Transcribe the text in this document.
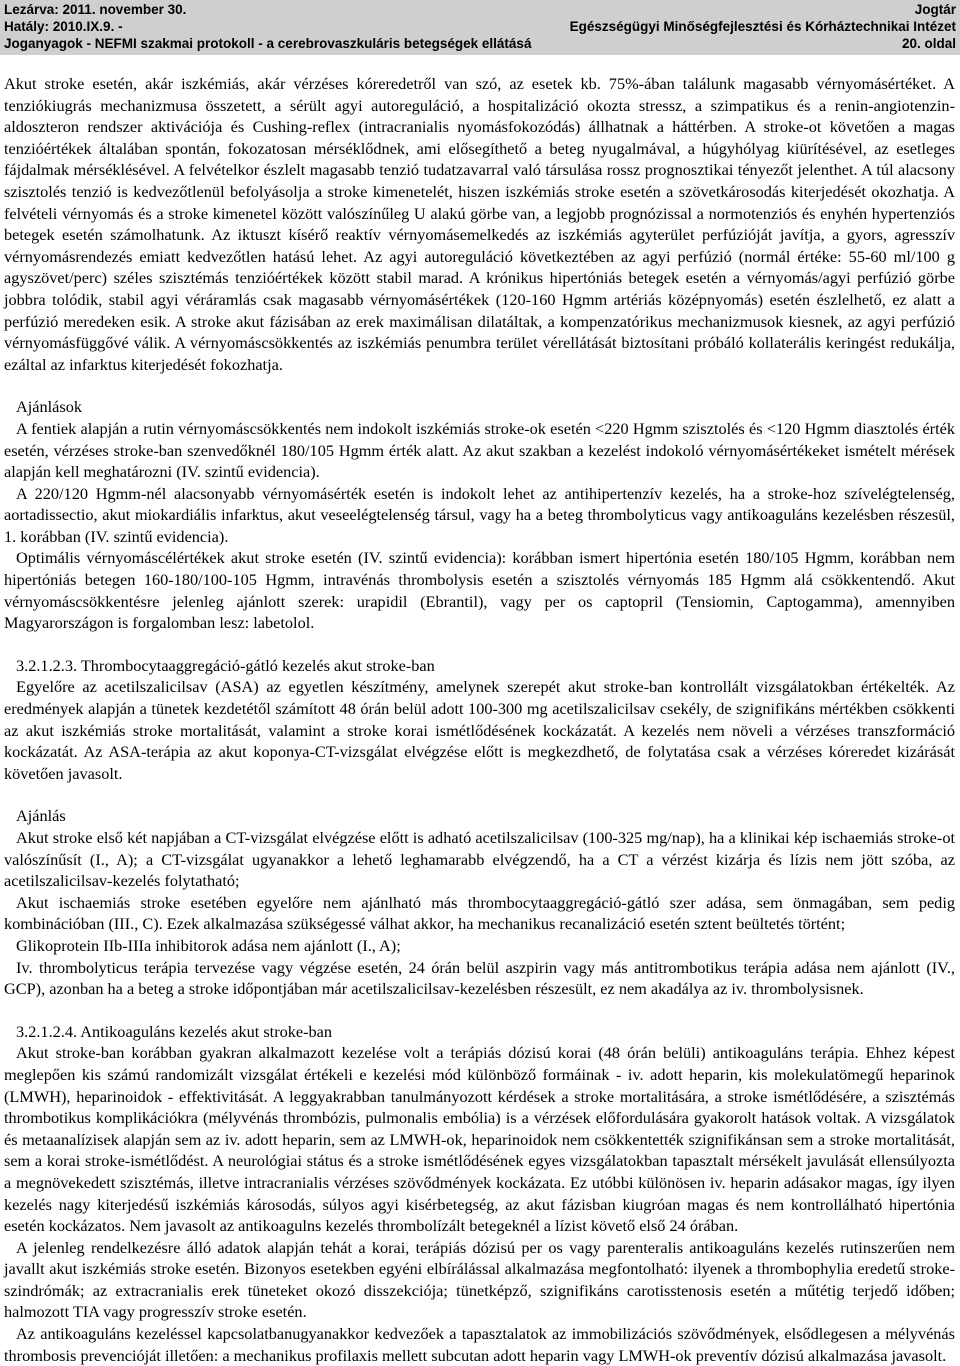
Lezárva: 2011. november 30.
Hatály: 2010.IX.9. -
Joganyagok - NEFMI szakmai protokoll - a cerebrovaszkuláris betegségek ellátásá
Jogtár
Egészségügyi Minőségfejlesztési és Kórháztechnikai Intézet
20. oldal

Akut stroke esetén, akár iszkémiás, akár vérzéses kóreredetről van szó, az esetek kb. 75%-ában találunk magasabb vérnyomásértéket. A tenziókiugrás mechanizmusa összetett, a sérült agyi autoreguláció, a hospitalizáció okozta stressz, a szimpatikus és a renin-angiotenzin-aldoszteron rendszer aktivációja és Cushing-reflex (intracranialis nyomásfokozódás) állhatnak a háttérben. A stroke-ot követően a magas tenzióértékek általában spontán, fokozatosan mérséklődnek, ami elősegíthető a beteg nyugalmával, a húgyhólyag kiürítésével, az esetleges fájdalmak mérséklésével. A felvételkor észlelt magasabb tenzió tudatzavarral való társulása rossz prognosztikai tényezőt jelenthet. A túl alacsony szisztolés tenzió is kedvezőtlenül befolyásolja a stroke kimenetelét, hiszen iszkémiás stroke esetén a szövetkárosodás kiterjedését okozhatja. A felvételi vérnyomás és a stroke kimenetel között valószínűleg U alakú görbe van, a legjobb prognózissal a normotenziós és enyhén hypertenziós betegek esetén számolhatunk. Az iktuszt kísérő reaktív vérnyomásemelkedés az iszkémiás agyterület perfúzióját javítja, a gyors, agresszív vérnyomásrendezés emiatt kedvezőtlen hatású lehet. Az agyi autoreguláció következtében az agyi perfúzió (normál értéke: 55-60 ml/100 g agyszövet/perc) széles szisztémás tenzióértékek között stabil marad. A krónikus hipertóniás betegek esetén a vérnyomás/agyi perfúzió görbe jobbra tolódik, stabil agyi véráramlás csak magasabb vérnyomásértékek (120-160 Hgmm artériás középnyomás) esetén észlelhető, ez alatt a perfúzió meredeken esik. A stroke akut fázisában az erek maximálisan dilatáltak, a kompenzatórikus mechanizmusok kiesnek, az agyi perfúzió vérnyomásfüggővé válik. A vérnyomáscsökkentés az iszkémiás penumbra terület vérellátását biztosítani próbáló kollaterális keringést redukálja, ezáltal az infarktus kiterjedését fokozhatja.

Ajánlások

A fentiek alapján a rutin vérnyomáscsökkentés nem indokolt iszkémiás stroke-ok esetén <220 Hgmm szisztolés és <120 Hgmm diasztolés érték esetén, vérzéses stroke-ban szenvedőknél 180/105 Hgmm érték alatt. Az akut szakban a kezelést indokoló vérnyomásértékeket ismételt mérések alapján kell meghatározni (IV. szintű evidencia).

A 220/120 Hgmm-nél alacsonyabb vérnyomásérték esetén is indokolt lehet az antihipertenzív kezelés, ha a stroke-hoz szívelégtelenség, aortadissectio, akut miokardiális infarktus, akut veseelégtelenség társul, vagy ha a beteg thrombolyticus vagy antikoaguláns kezelésben részesül, 1. korábban (IV. szintű evidencia).

Optimális vérnyomáscélértékek akut stroke esetén (IV. szintű evidencia): korábban ismert hipertónia esetén 180/105 Hgmm, korábban nem hipertóniás betegen 160-180/100-105 Hgmm, intravénás thrombolysis esetén a szisztolés vérnyomás 185 Hgmm alá csökkentendő. Akut vérnyomáscsökkentésre jelenleg ajánlott szerek: urapidil (Ebrantil), vagy per os captopril (Tensiomin, Captogamma), amennyiben Magyarországon is forgalomban lesz: labetolol.

3.2.1.2.3. Thrombocytaaggregáció-gátló kezelés akut stroke-ban

Egyelőre az acetilszalicilsav (ASA) az egyetlen készítmény, amelynek szerepét akut stroke-ban kontrollált vizsgálatokban értékelték. Az eredmények alapján a tünetek kezdetétől számított 48 órán belül adott 100-300 mg acetilszalicilsav csekély, de szignifikáns mértékben csökkenti az akut iszkémiás stroke mortalitását, valamint a stroke korai ismétlődésének kockázatát. A kezelés nem növeli a vérzéses transzformáció kockázatát. Az ASA-terápia az akut koponya-CT-vizsgálat elvégzése előtt is megkezdhető, de folytatása csak a vérzéses kóreredet kizárását követően javasolt.

Ajánlás

Akut stroke első két napjában a CT-vizsgálat elvégzése előtt is adható acetilszalicilsav (100-325 mg/nap), ha a klinikai kép ischaemiás stroke-ot valószínűsít (I., A); a CT-vizsgálat ugyanakkor a lehető leghamarabb elvégzendő, ha a CT a vérzést kizárja és lízis nem jött szóba, az acetilszalicilsav-kezelés folytatható;

Akut ischaemiás stroke esetében egyelőre nem ajánlható más thrombocytaaggregáció-gátló szer adása, sem önmagában, sem pedig kombinációban (III., C). Ezek alkalmazása szükségessé válhat akkor, ha mechanikus recanalizáció esetén sztent beültetés történt;

Glikoprotein IIb-IIIa inhibitorok adása nem ajánlott (I., A);

Iv. thrombolyticus terápia tervezése vagy végzése esetén, 24 órán belül aszpirin vagy más antitrombotikus terápia adása nem ajánlott (IV., GCP), azonban ha a beteg a stroke időpontjában már acetilszalicilsav-kezelésben részesült, ez nem akadálya az iv. thrombolysisnek.

3.2.1.2.4. Antikoaguláns kezelés akut stroke-ban

Akut stroke-ban korábban gyakran alkalmazott kezelése volt a terápiás dózisú korai (48 órán belüli) antikoaguláns terápia. Ehhez képest meglepően kis számú randomizált vizsgálat értékeli e kezelési mód különböző formáinak - iv. adott heparin, kis molekulatömegű heparinok (LMWH), heparinoidok - effektivitását. A leggyakrabban tanulmányozott kérdések a stroke mortalitására, a stroke ismétlődésére, a szisztémás thrombotikus komplikációkra (mélyvénás thrombózis, pulmonalis embólia) is a vérzések előfordulására gyakorolt hatások voltak. A vizsgálatok és metaanalízisek alapján sem az iv. adott heparin, sem az LMWH-ok, heparinoidok nem csökkentették szignifikánsan sem a stroke mortalitását, sem a korai stroke-ismétlődést. A neurológiai státus és a stroke ismétlődésének egyes vizsgálatokban tapasztalt mérsékelt javulását ellensúlyozta a megnövekedett szisztémás, illetve intracranialis vérzéses szövődmények kockázata. Ez utóbbi különösen iv. heparin adásakor magas, így ilyen kezelés nagy kiterjedésű iszkémiás károsodás, súlyos agyi kisérbetegség, az akut fázisban kiugróan magas és nem kontrollálható hipertónia esetén kockázatos. Nem javasolt az antikoagulns kezelés thrombolízált betegeknél a lízist követő első 24 órában.

A jelenleg rendelkezésre álló adatok alapján tehát a korai, terápiás dózisú per os vagy parenteralis antikoaguláns kezelés rutinszerűen nem javallt akut iszkémiás stroke esetén. Bizonyos esetekben egyéni elbírálással alkalmazása megfontolható: ilyenek a thrombophylia eredetű stroke-szindrómák; az extracranialis erek tüneteket okozó disszekciója; tünetképző, szignifikáns carotisstenosis esetén a műtétig terjedő időben; halmozott TIA vagy progresszív stroke esetén.

Az antikoaguláns kezeléssel kapcsolatbanugyanakkor kedvezőek a tapasztalatok az immobilizációs szövődmények, elsődlegesen a mélyvénás thrombosis prevencióját illetően: a mechanikus profilaxis mellett subcutan adott heparin vagy LMWH-ok preventív dózisú alkalmazása javasolt.
